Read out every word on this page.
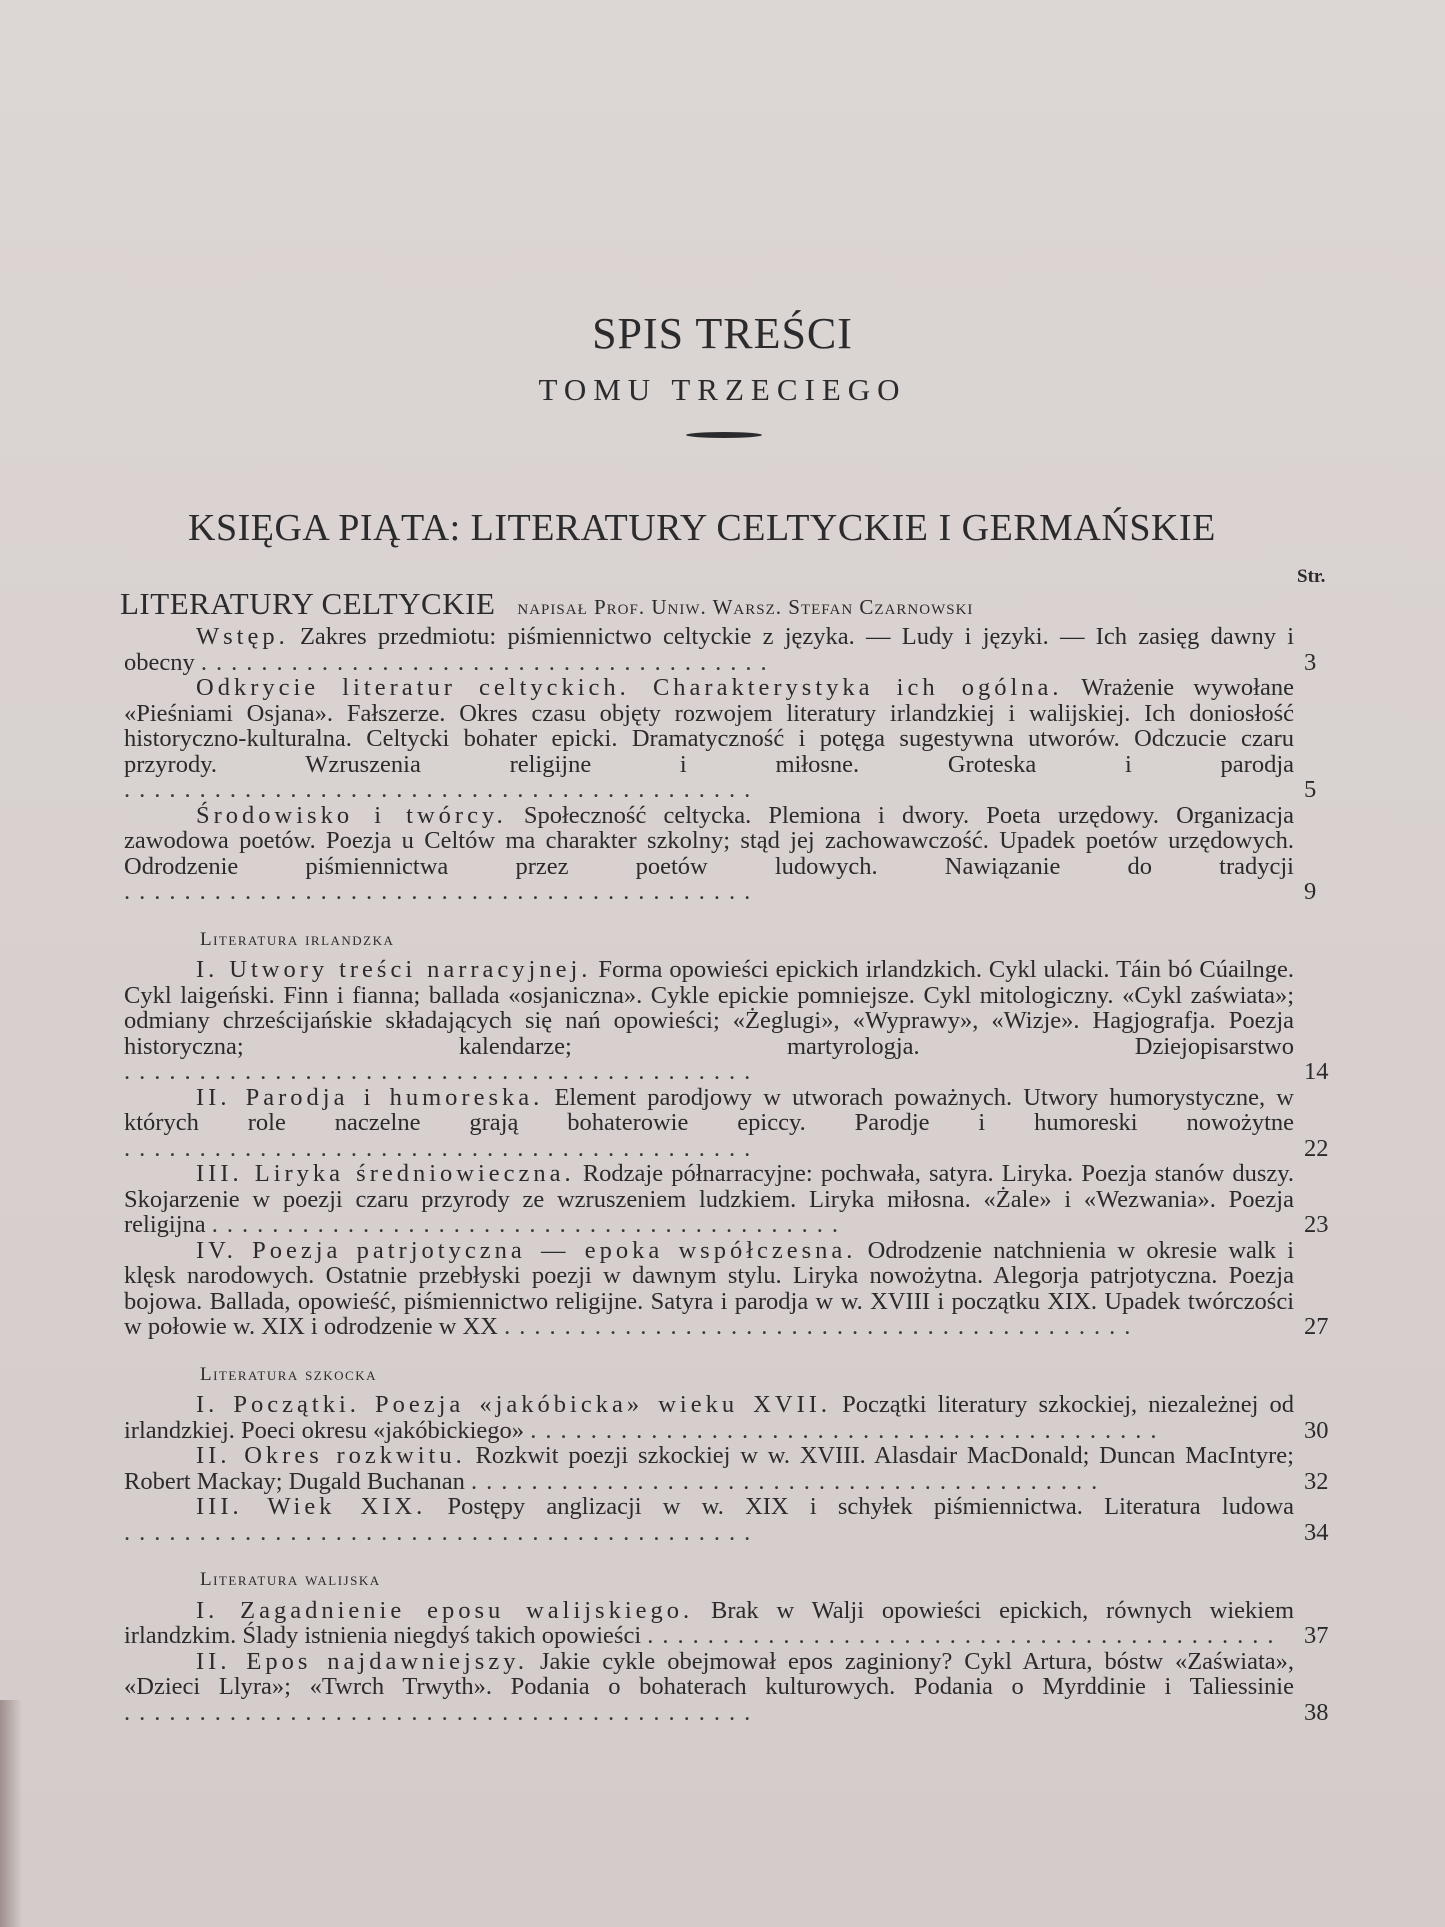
SPIS TREŚCI
TOMU TRZECIEGO
KSIĘGA PIĄTA: LITERATURY CELTYCKIE I GERMAŃSKIE
Str.
LITERATURY CELTYCKIE napisał Prof. Uniw. Warsz. Stefan Czarnowski
Wstęp. Zakres przedmiotu: piśmiennictwo celtyckie z języka. — Ludy i języki. — Ich zasięg dawny i obecny ......................................	3
Odkrycie literatur celtyckich. Charakterystyka ich ogólna. Wrażenie wywołane «Pieśniami Osjana». Fałszerze. Okres czasu objęty rozwojem literatury irlandzkiej i walijskiej. Ich doniosłość historyczno-kulturalna. Celtycki bohater epicki. Dramatyczność i potęga sugestywna utworów. Odczucie czaru przyrody. Wzruszenia religijne i miłosne. Groteska i parodja ..........................................	5
Środowisko i twórcy. Społeczność celtycka. Plemiona i dwory. Poeta urzędowy. Organizacja zawodowa poetów. Poezja u Celtów ma charakter szkolny; stąd jej zachowawczość. Upadek poetów urzędowych. Odrodzenie piśmiennictwa przez poetów ludowych. Nawiązanie do tradycji ..........................................	9
Literatura irlandzka
I. Utwory treści narracyjnej. Forma opowieści epickich irlandzkich. Cykl ulacki. Táin bó Cúailnge. Cykl laigeński. Finn i fianna; ballada «osjaniczna». Cykle epickie pomniejsze. Cykl mitologiczny. «Cykl zaświata»; odmiany chrześcijańskie składających się nań opowieści; «Żeglugi», «Wyprawy», «Wizje». Hagjografja. Poezja historyczna; kalendarze; martyrologja. Dziejopisarstwo ..........................................	14
II. Parodja i humoreska. Element parodjowy w utworach poważnych. Utwory humorystyczne, w których role naczelne grają bohaterowie epiccy. Parodje i humoreski nowożytne ..........................................	22
III. Liryka średniowieczna. Rodzaje półnarracyjne: pochwała, satyra. Liryka. Poezja stanów duszy. Skojarzenie w poezji czaru przyrody ze wzruszeniem ludzkiem. Liryka miłosna. «Żale» i «Wezwania». Poezja religijna ..........................................	23
IV. Poezja patrjotyczna — epoka współczesna. Odrodzenie natchnienia w okresie walk i klęsk narodowych. Ostatnie przebłyski poezji w dawnym stylu. Liryka nowożytna. Alegorja patrjotyczna. Poezja bojowa. Ballada, opowieść, piśmiennictwo religijne. Satyra i parodja w w. XVIII i początku XIX. Upadek twórczości w połowie w. XIX i odrodzenie w XX ..........................................	27
Literatura szkocka
I. Początki. Poezja «jakóbicka» wieku XVII. Początki literatury szkockiej, niezależnej od irlandzkiej. Poeci okresu «jakóbickiego» ..........................................	30
II. Okres rozkwitu. Rozkwit poezji szkockiej w w. XVIII. Alasdair MacDonald; Duncan MacIntyre; Robert Mackay; Dugald Buchanan ..........................................	32
III. Wiek XIX. Postępy anglizacji w w. XIX i schyłek piśmiennictwa. Literatura ludowa ..........................................	34
Literatura walijska
I. Zagadnienie eposu walijskiego. Brak w Walji opowieści epickich, równych wiekiem irlandzkim. Ślady istnienia niegdyś takich opowieści .......................................... 37
II. Epos najdawniejszy. Jakie cykle obejmował epos zaginiony? Cykl Artura, bóstw «Zaświata», «Dzieci Llyra»; «Twrch Trwyth». Podania o bohaterach kulturowych. Podania o Myrddinie i Taliessinie ..........................................	38
